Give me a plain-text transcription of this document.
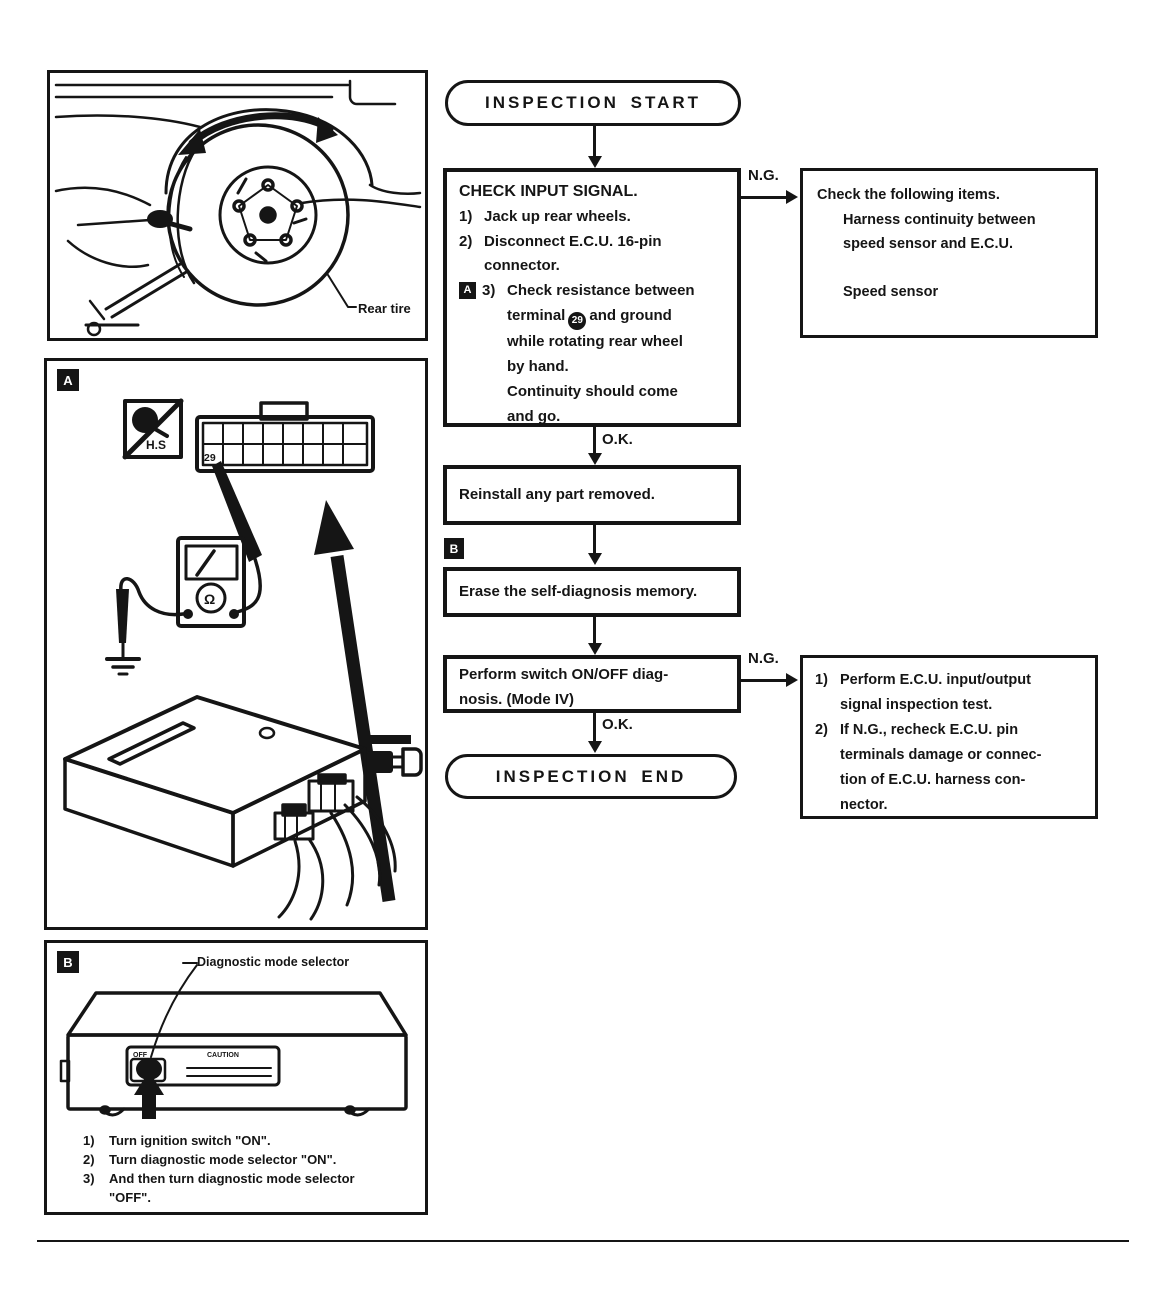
Rear tire
A
H.S
29
Ω
B	Diagnostic mode selector
OFF	CAUTION
1)	Turn ignition switch "ON".
2)	Turn diagnostic mode selector "ON".
3)	And then turn diagnostic mode selector "OFF".
INSPECTION START
CHECK INPUT SIGNAL.
1) Jack up rear wheels.
2) Disconnect E.C.U. 16-pin
connector.
A 3) Check resistance between
terminal 29 and ground
while rotating rear wheel
by hand.
Continuity should come
and go.
N.G.
Check the following items.
Harness continuity between
speed sensor and E.C.U.
Speed sensor
O.K.
Reinstall any part removed.
B
Erase the self-diagnosis memory.
Perform switch ON/OFF diag-
nosis. (Mode IV)
N.G.
1) Perform E.C.U. input/output
signal inspection test.
2) If N.G., recheck E.C.U. pin
terminals damage or connec-
tion of E.C.U. harness con-
nector.
O.K.
INSPECTION END
